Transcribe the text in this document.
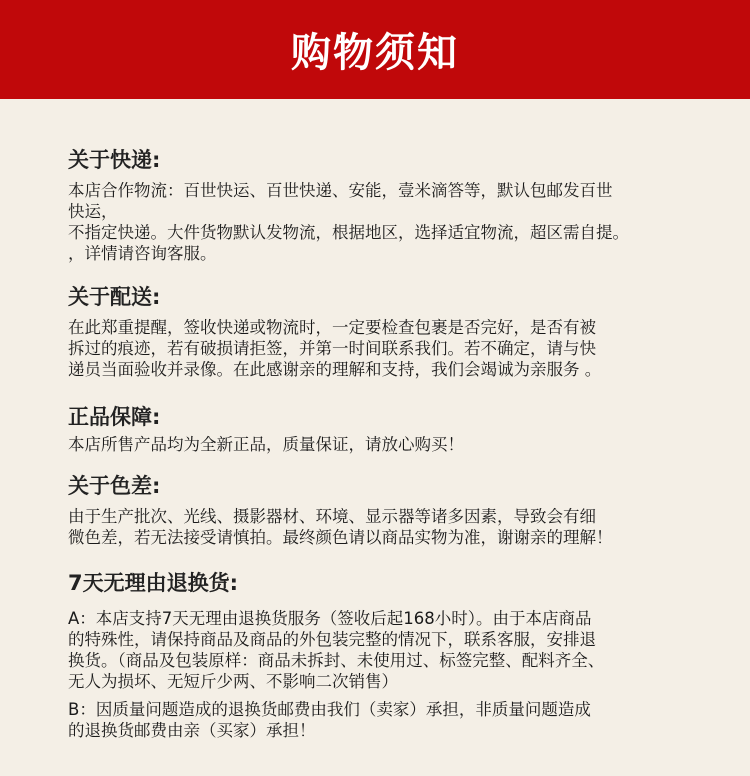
购物须知
关于快递:
本店合作物流：百世快运、百世快递、安能，壹米滴答等，默认包邮发百世
快运，
不指定快递。大件货物默认发物流，根据地区，选择适宜物流，超区需自提。
，详情请咨询客服。
关于配送:
在此郑重提醒，签收快递或物流时，一定要检查包裹是否完好，是否有被
拆过的痕迹，若有破损请拒签，并第一时间联系我们。若不确定，请与快
递员当面验收并录像。在此感谢亲的理解和支持，我们会竭诚为亲服务 。
正品保障:
本店所售产品均为全新正品，质量保证，请放心购买！
关于色差:
由于生产批次、光线、摄影器材、环境、显示器等诸多因素，导致会有细
微色差，若无法接受请慎拍。最终颜色请以商品实物为准，谢谢亲的理解！
7天无理由退换货:
A：本店支持7天无理由退换货服务（签收后起168小时）。由于本店商品
的特殊性，请保持商品及商品的外包装完整的情况下，联系客服，安排退
换货。（商品及包装原样：商品未拆封、未使用过、标签完整、配料齐全、
无人为损坏、无短斤少两、不影响二次销售）
B：因质量问题造成的退换货邮费由我们（卖家）承担，非质量问题造成
的退换货邮费由亲（买家）承担！
